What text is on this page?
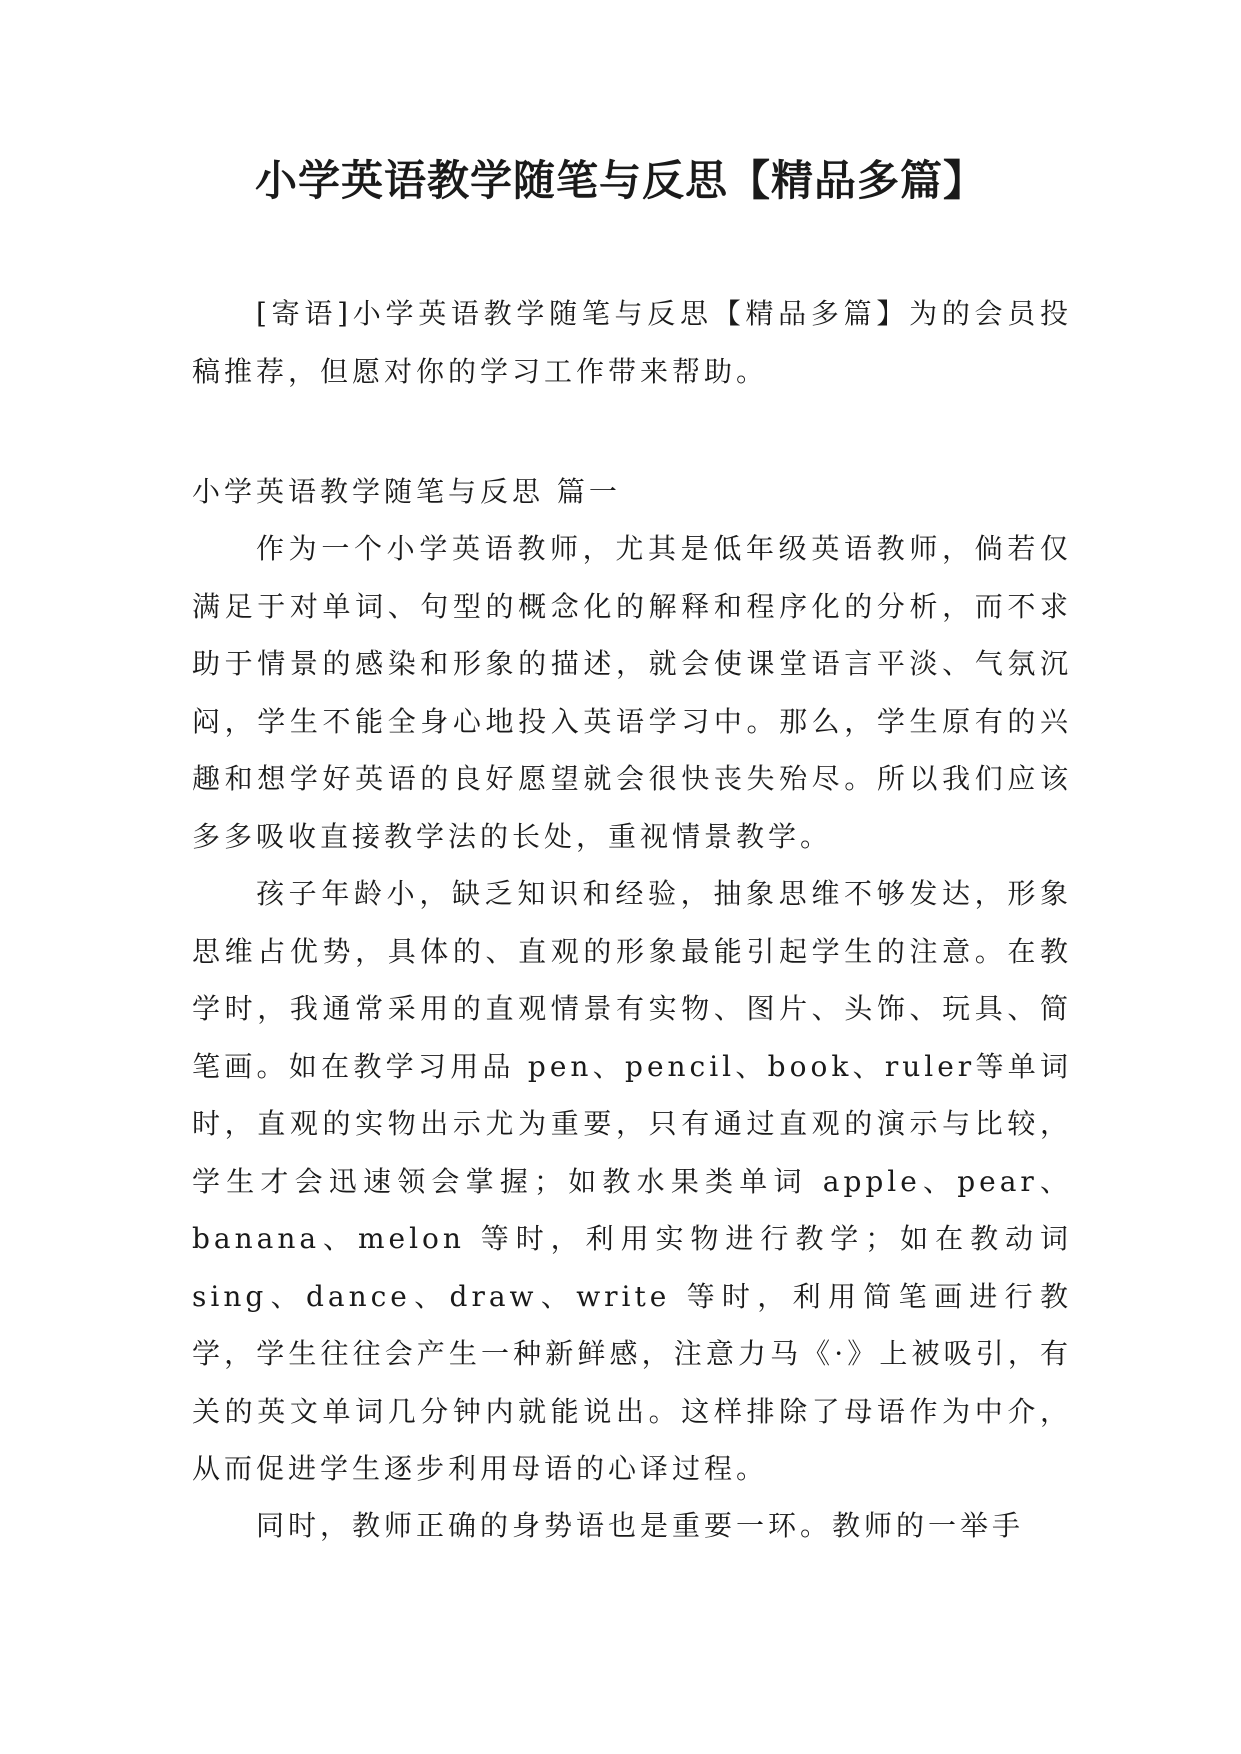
小学英语教学随笔与反思【精品多篇】

[寄语]小学英语教学随笔与反思【精品多篇】为的会员投稿推荐，但愿对你的学习工作带来帮助。

小学英语教学随笔与反思 篇一

作为一个小学英语教师，尤其是低年级英语教师，倘若仅满足于对单词、句型的概念化的解释和程序化的分析，而不求助于情景的感染和形象的描述，就会使课堂语言平淡、气氛沉闷，学生不能全身心地投入英语学习中。那么，学生原有的兴趣和想学好英语的良好愿望就会很快丧失殆尽。所以我们应该多多吸收直接教学法的长处，重视情景教学。

孩子年龄小，缺乏知识和经验，抽象思维不够发达，形象思维占优势，具体的、直观的形象最能引起学生的注意。在教学时，我通常采用的直观情景有实物、图片、头饰、玩具、简笔画。如在教学习用品 pen、pencil、book、ruler等单词时，直观的实物出示尤为重要，只有通过直观的演示与比较，学生才会迅速领会掌握；如教水果类单词 apple、pear、banana、melon 等时，利用实物进行教学；如在教动词 sing、dance、draw、write 等时，利用简笔画进行教学，学生往往会产生一种新鲜感，注意力马《·》上被吸引，有关的英文单词几分钟内就能说出。这样排除了母语作为中介，从而促进学生逐步利用母语的心译过程。

同时，教师正确的身势语也是重要一环。教师的一举手
